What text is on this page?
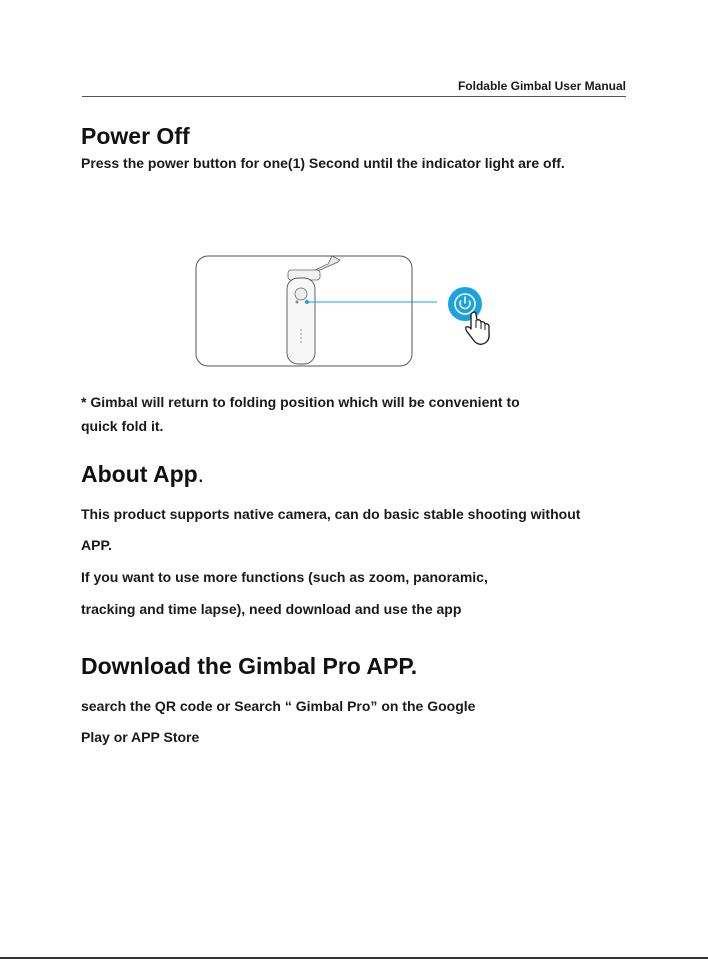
Foldable Gimbal User Manual
Power Off

Press the power button for one(1) Second until the indicator light are off.

* Gimbal will return to folding position which will be convenient to

quick fold it.

About App.

This product supports native camera, can do basic stable shooting without

APP.

If you want to use more functions (such as zoom, panoramic,

tracking and time lapse), need download and use the app

Download the Gimbal Pro APP.

search the QR code or Search “ Gimbal Pro” on the Google

Play or APP Store
